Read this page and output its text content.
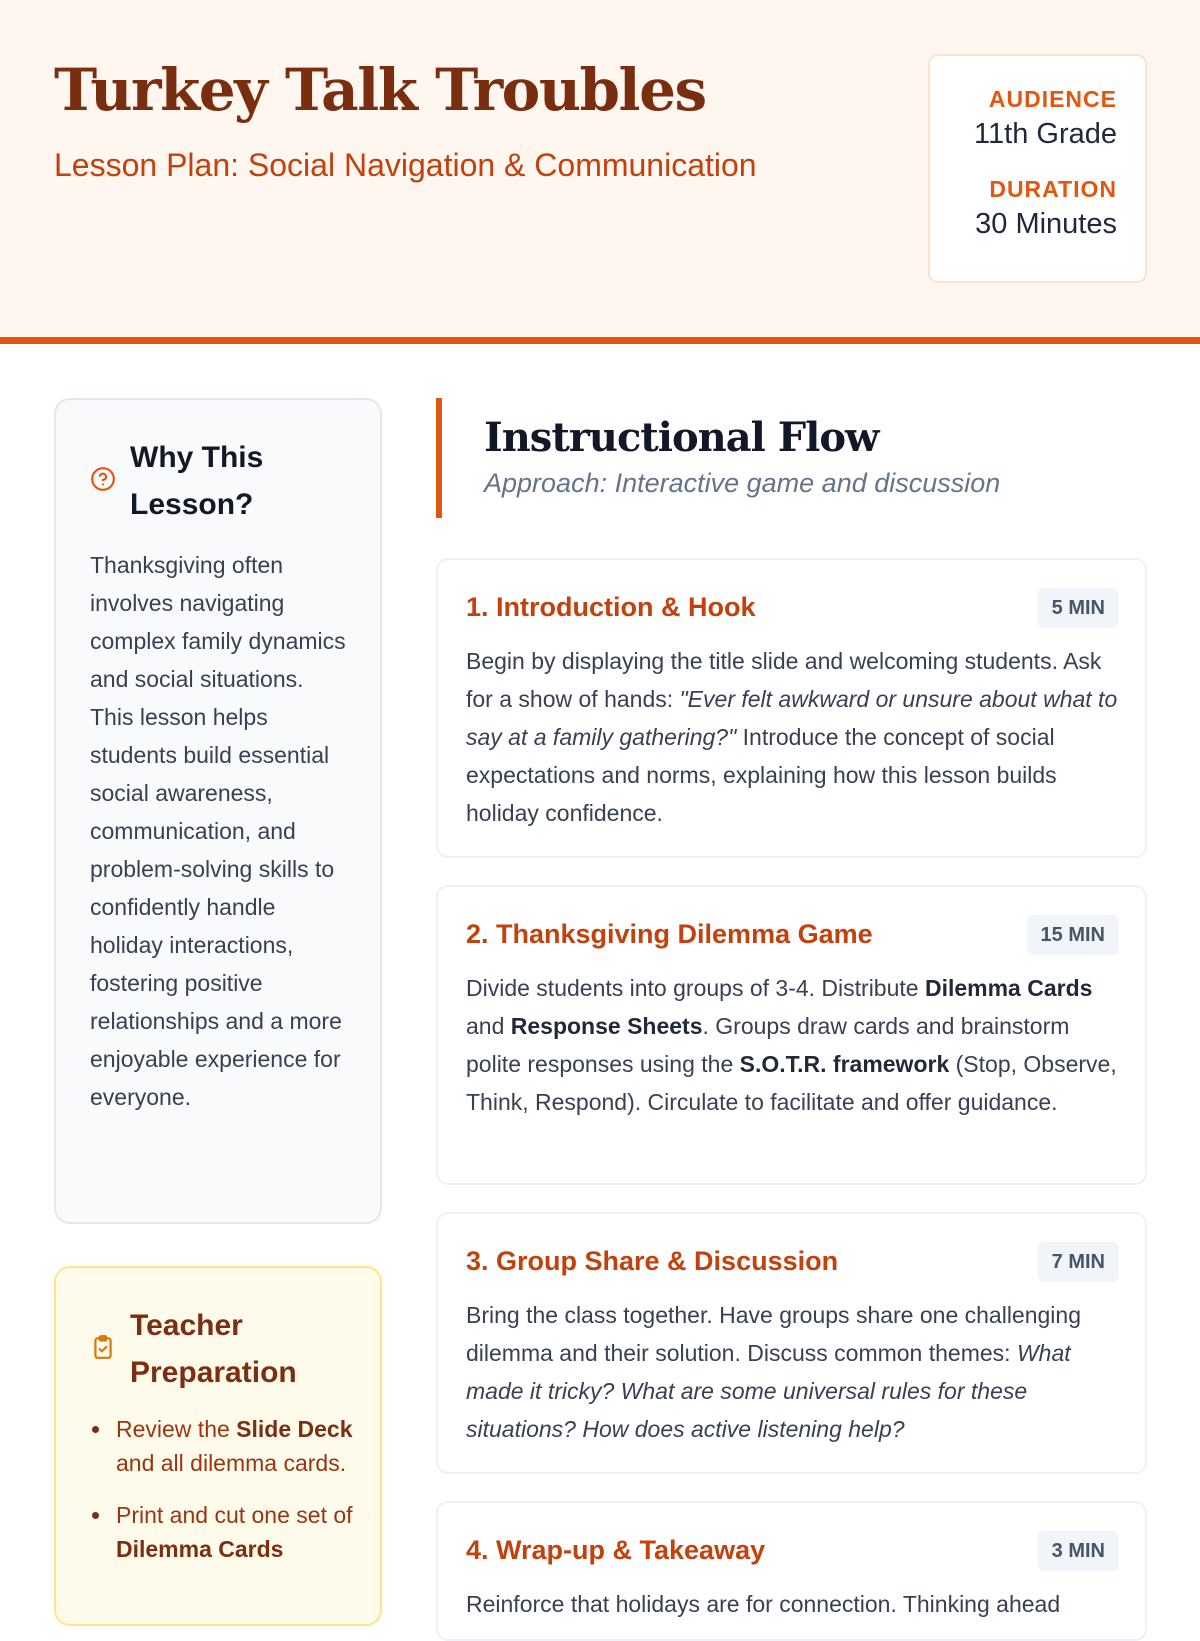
Turkey Talk Troubles
Lesson Plan: Social Navigation & Communication
AUDIENCE
11th Grade
DURATION
30 Minutes
Why This
Lesson?
Thanksgiving often involves navigating complex family dynamics and social situations. This lesson helps students build essential social awareness, communication, and problem-solving skills to confidently handle holiday interactions, fostering positive relationships and a more enjoyable experience for everyone.
Teacher
Preparation
Review the Slide Deck and all dilemma cards.
Print and cut one set of Dilemma Cards
Instructional Flow
Approach: Interactive game and discussion
1. Introduction & Hook	5 MIN
Begin by displaying the title slide and welcoming students. Ask for a show of hands: "Ever felt awkward or unsure about what to say at a family gathering?" Introduce the concept of social expectations and norms, explaining how this lesson builds holiday confidence.
2. Thanksgiving Dilemma Game	15 MIN
Divide students into groups of 3-4. Distribute Dilemma Cards and Response Sheets. Groups draw cards and brainstorm polite responses using the S.O.T.R. framework (Stop, Observe, Think, Respond). Circulate to facilitate and offer guidance.
3. Group Share & Discussion	7 MIN
Bring the class together. Have groups share one challenging dilemma and their solution. Discuss common themes: What made it tricky? What are some universal rules for these situations? How does active listening help?
4. Wrap-up & Takeaway	3 MIN
Reinforce that holidays are for connection. Thinking ahead
